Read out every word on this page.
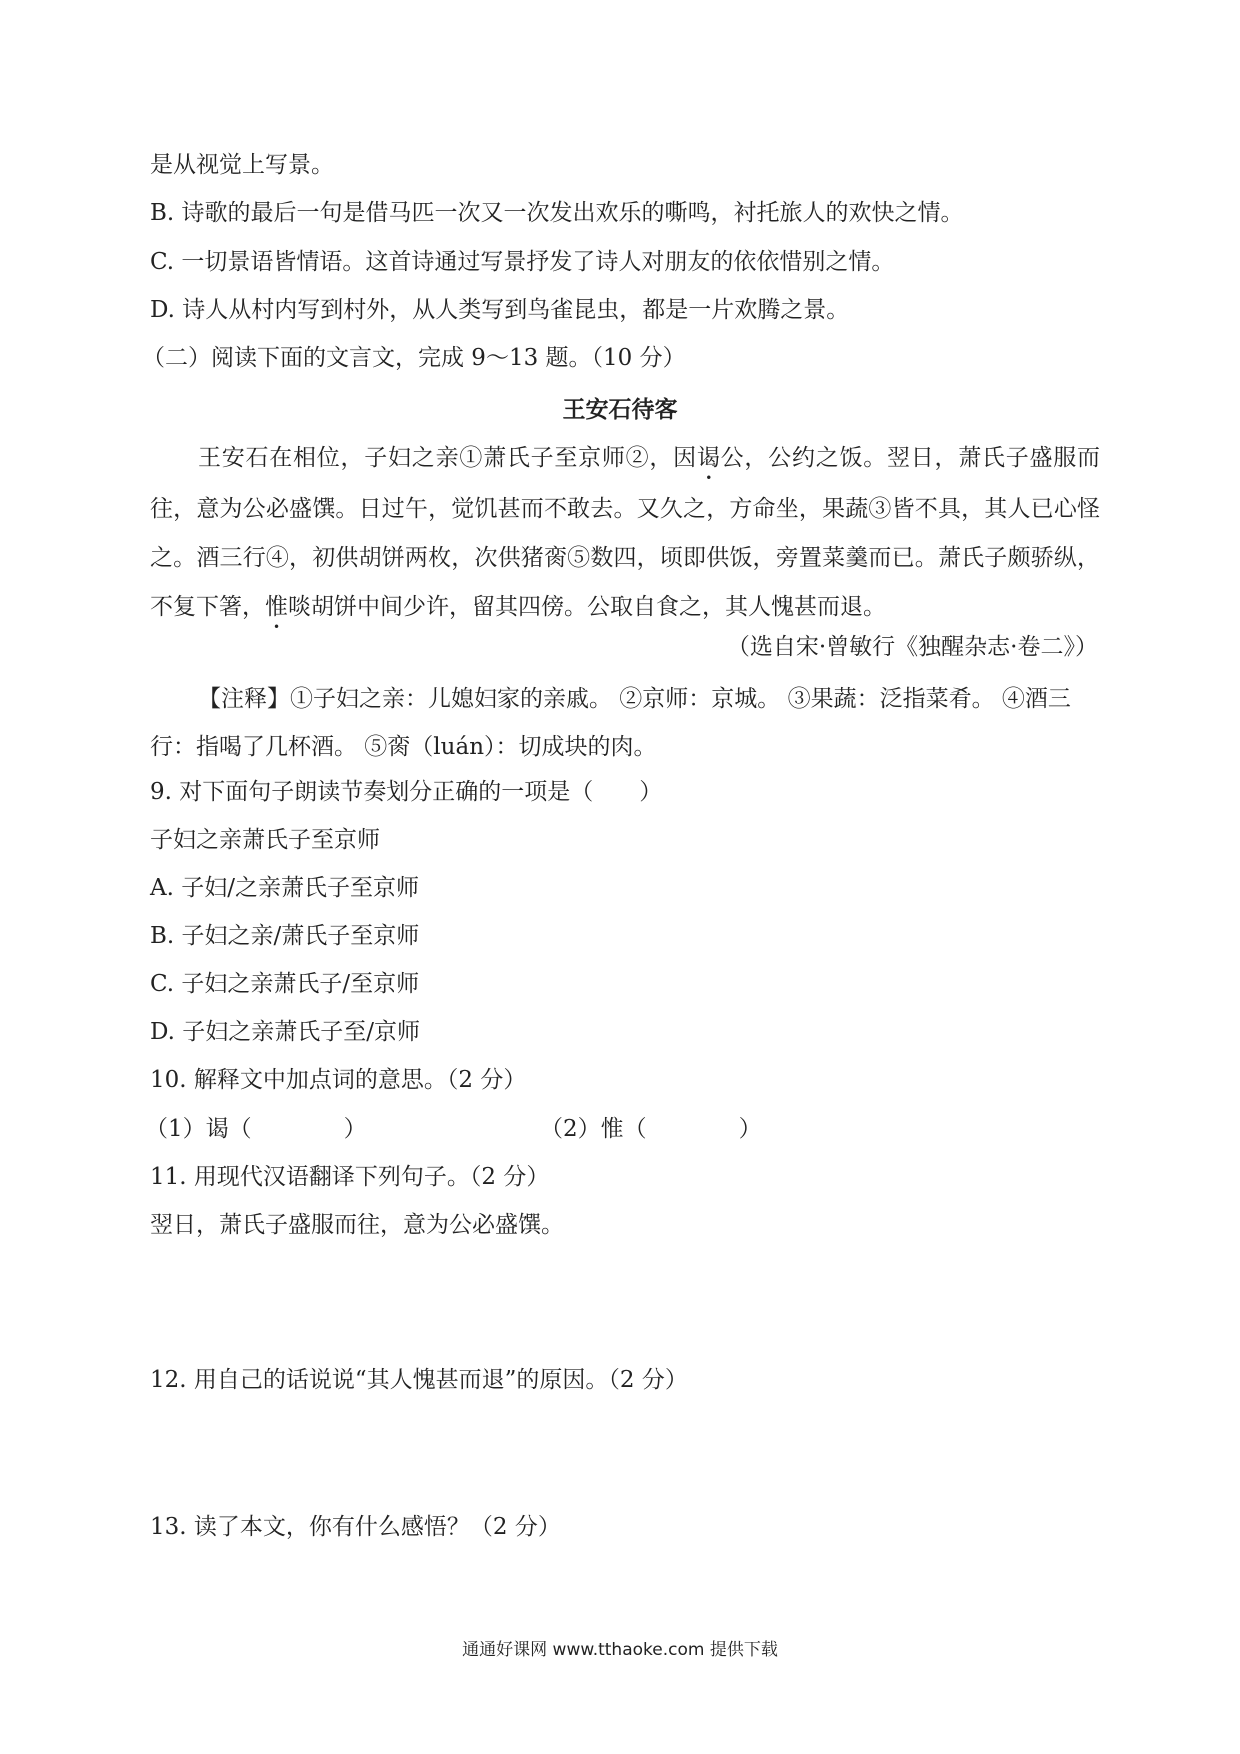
是从视觉上写景。
B. 诗歌的最后一句是借马匹一次又一次发出欢乐的嘶鸣，衬托旅人的欢快之情。
C. 一切景语皆情语。这首诗通过写景抒发了诗人对朋友的依依惜别之情。
D. 诗人从村内写到村外，从人类写到鸟雀昆虫，都是一片欢腾之景。
（二）阅读下面的文言文，完成 9～13 题。（10 分）
王安石待客
王安石在相位，子妇之亲①萧氏子至京师②，因谒公，公约之饭。翌日，萧氏子盛服而往，意为公必盛馔。日过午，觉饥甚而不敢去。又久之，方命坐，果蔬③皆不具，其人已心怪之。酒三行④，初供胡饼两枚，次供猪脔⑤数四，顷即供饭，旁置菜羹而已。萧氏子颇骄纵，不复下箸，惟啖胡饼中间少许，留其四傍。公取自食之，其人愧甚而退。
（选自宋·曾敏行《独醒杂志·卷二》）
【注释】①子妇之亲：儿媳妇家的亲戚。 ②京师：京城。 ③果蔬：泛指菜肴。 ④酒三行：指喝了几杯酒。 ⑤脔（luán）：切成块的肉。
9. 对下面句子朗读节奏划分正确的一项是（　　）
子妇之亲萧氏子至京师
A. 子妇/之亲萧氏子至京师
B. 子妇之亲/萧氏子至京师
C. 子妇之亲萧氏子/至京师
D. 子妇之亲萧氏子至/京师
10. 解释文中加点词的意思。（2 分）
（1）谒（　　　　）	（2）惟（　　　　）
11. 用现代汉语翻译下列句子。（2 分）
翌日，萧氏子盛服而往，意为公必盛馔。
12. 用自己的话说说“其人愧甚而退”的原因。（2 分）
13. 读了本文，你有什么感悟？（2 分）
通通好课网 www.tthaoke.com 提供下载
